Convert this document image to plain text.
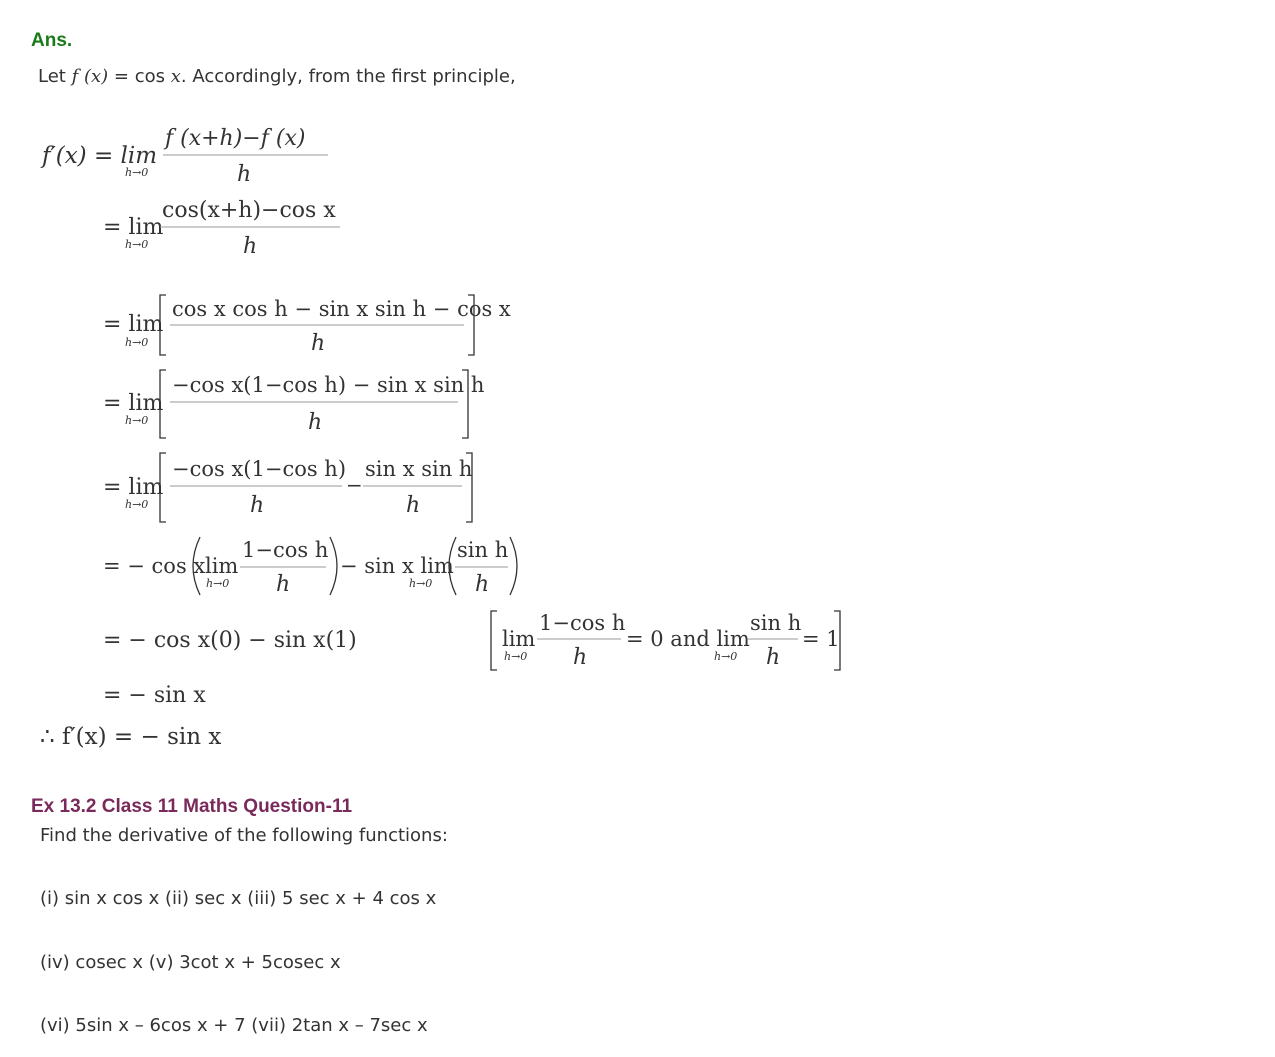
Ans.
Let f (x) = cos x. Accordingly, from the first principle,
f′(x) = lim
h→0
f (x+h)−f (x)
h
= lim
h→0
cos(x+h)−cos x
h
= lim
h→0
cos x cos h − sin x sin h − cos x
h
= lim
h→0
−cos x(1−cos h) − sin x sin h
h
= lim
h→0
−cos x(1−cos h)
h
−
sin x sin h
h
= − cos x lim
h→0
1−cos h
h
− sin x lim
h→0
sin h
h
= − cos x(0) − sin x(1)	lim
h→0
1−cos h
h
= 0 and lim
h→0
sin h
h
= 1
= − sin x
∴ f′(x) = − sin x
Ex 13.2 Class 11 Maths Question-11
Find the derivative of the following functions:
(i) sin x cos x (ii) sec x (iii) 5 sec x + 4 cos x
(iv) cosec x (v) 3cot x + 5cosec x
(vi) 5sin x – 6cos x + 7 (vii) 2tan x – 7sec x
